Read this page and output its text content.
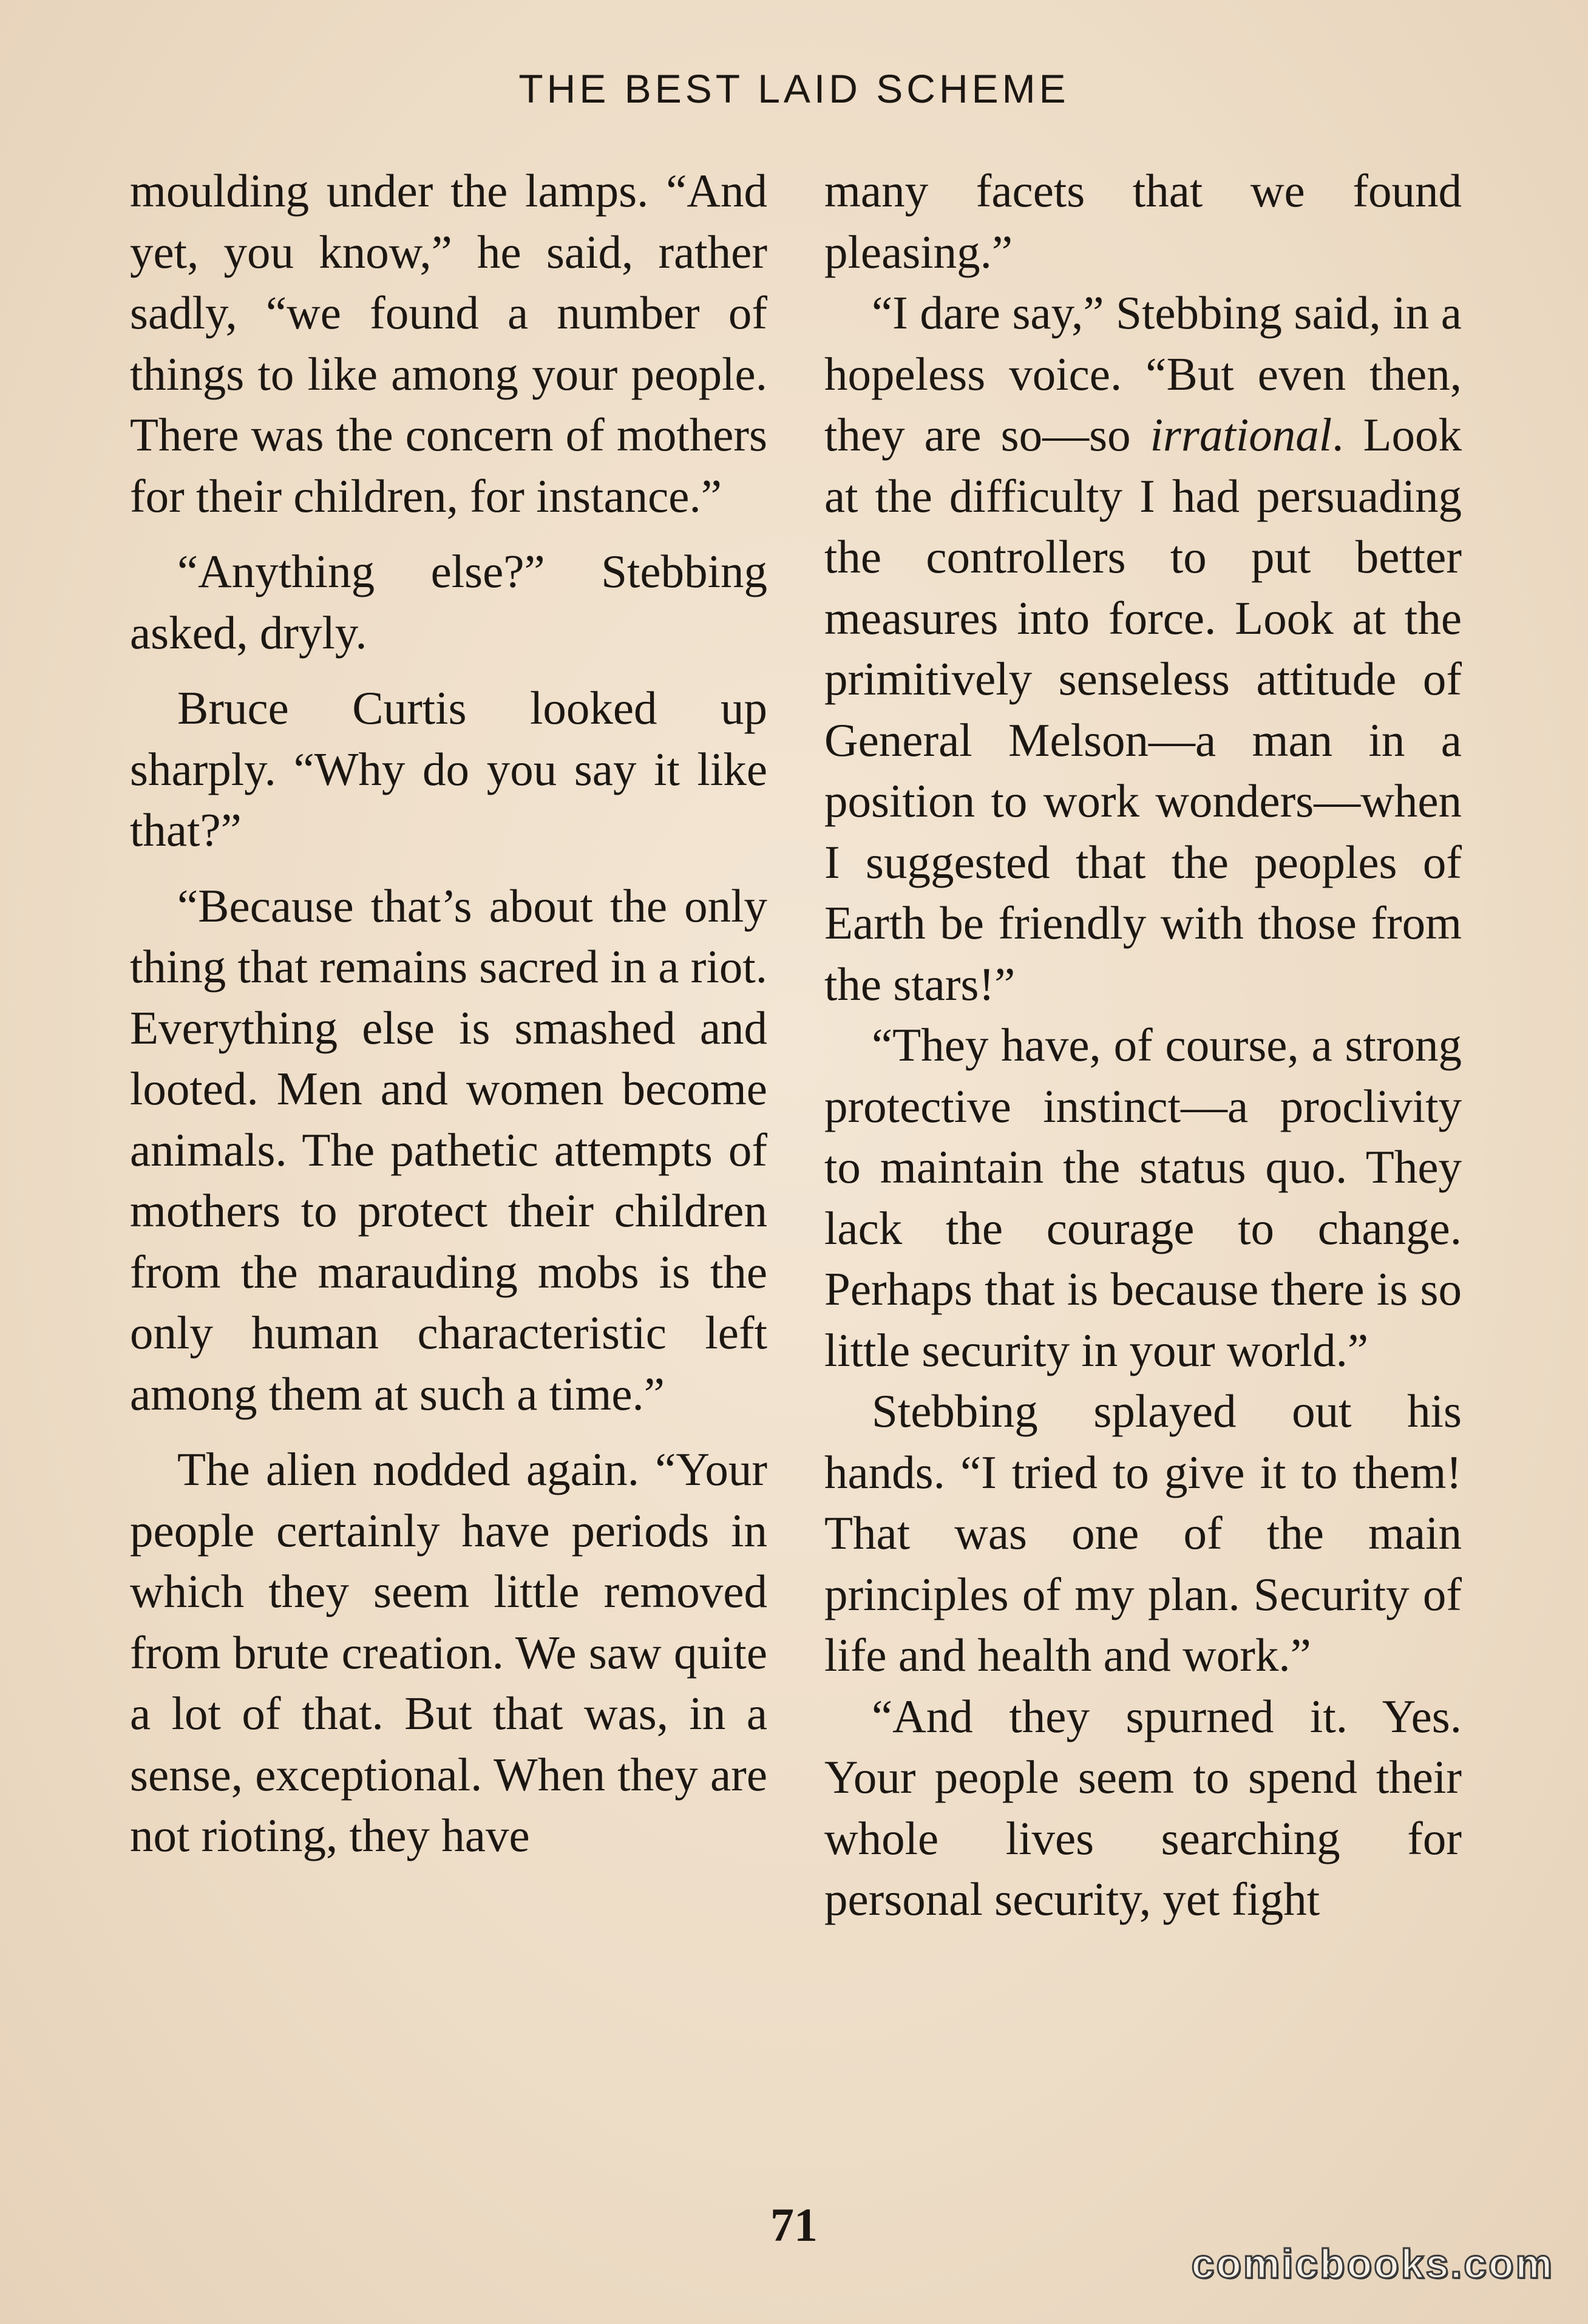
THE BEST LAID SCHEME

moulding under the lamps. “And yet, you know,” he said, rather sadly, “we found a number of things to like among your people. There was the concern of mothers for their children, for instance.”

“Anything else?” Stebbing asked, dryly.

Bruce Curtis looked up sharply. “Why do you say it like that?”

“Because that’s about the only thing that remains sacred in a riot. Everything else is smashed and looted. Men and women become animals. The pathetic attempts of mothers to protect their children from the marauding mobs is the only human characteristic left among them at such a time.”

The alien nodded again. “Your people certainly have periods in which they seem little removed from brute creation. We saw quite a lot of that. But that was, in a sense, exceptional. When they are not rioting, they have

many facets that we found pleasing.”

“I dare say,” Stebbing said, in a hopeless voice. “But even then, they are so—so irrational. Look at the difficulty I had persuading the controllers to put better measures into force. Look at the primitively senseless attitude of General Melson—a man in a position to work wonders—when I suggested that the peoples of Earth be friendly with those from the stars!”

“They have, of course, a strong protective instinct—a proclivity to maintain the status quo. They lack the courage to change. Perhaps that is because there is so little security in your world.”

Stebbing splayed out his hands. “I tried to give it to them! That was one of the main principles of my plan. Security of life and health and work.”

“And they spurned it. Yes. Your people seem to spend their whole lives searching for personal security, yet fight

71
comicbooks.com
